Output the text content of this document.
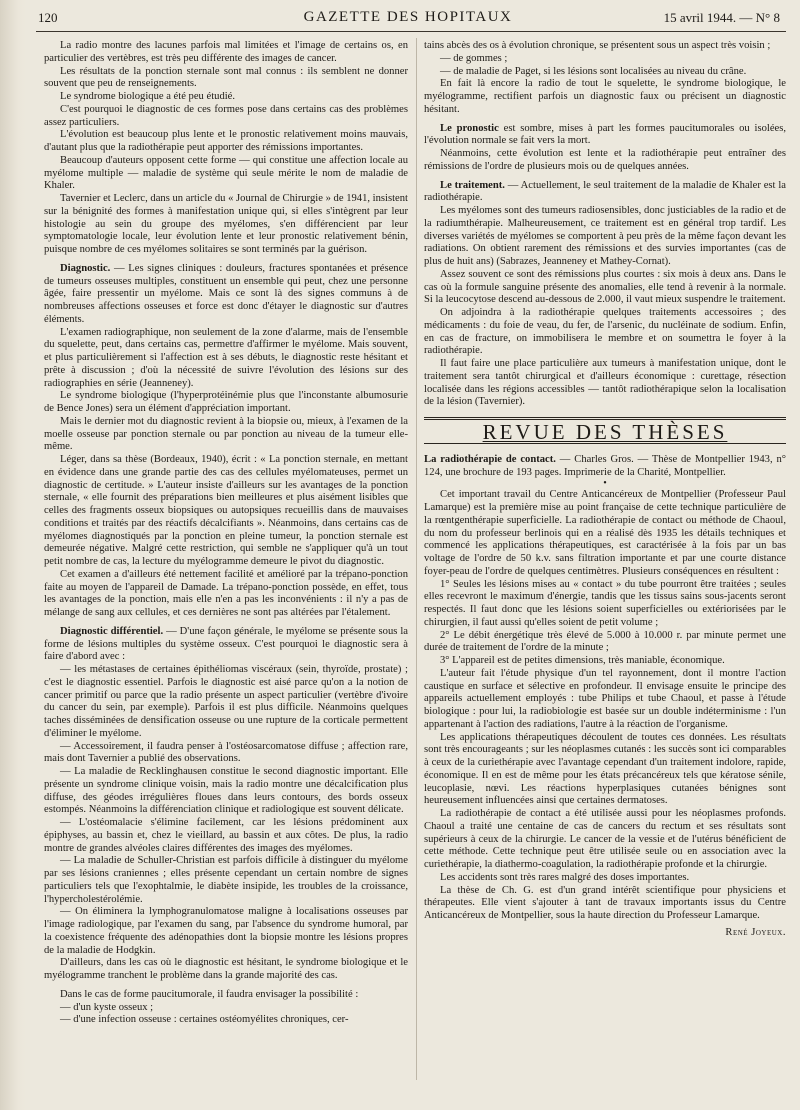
120	GAZETTE DES HOPITAUX	15 avril 1944. — N° 8

La radio montre des lacunes parfois mal limitées et l'image de certains os, en particulier des vertèbres, est très peu différente des images de cancer.

Les résultats de la ponction sternale sont mal connus : ils semblent ne donner souvent que peu de renseignements.

Le syndrome biologique a été peu étudié.

C'est pourquoi le diagnostic de ces formes pose dans certains cas des problèmes assez particuliers.

L'évolution est beaucoup plus lente et le pronostic relativement moins mauvais, d'autant plus que la radiothérapie peut apporter des rémissions importantes.

Beaucoup d'auteurs opposent cette forme — qui constitue une affection locale au myélome multiple — maladie de système qui seule mérite le nom de maladie de Khaler.

Tavernier et Leclerc, dans un article du « Journal de Chirurgie » de 1941, insistent sur la bénignité des formes à manifestation unique qui, si elles s'intègrent par leur histologie au sein du groupe des myélomes, s'en différencient par leur symptomatologie locale, leur évolution lente et leur pronostic relativement bénin, puisque nombre de ces myélomes solitaires se sont terminés par la guérison.

Diagnostic. — Les signes cliniques : douleurs, fractures spontanées et présence de tumeurs osseuses multiples, constituent un ensemble qui peut, chez une personne âgée, faire pressentir un myélome. Mais ce sont là des signes communs à de nombreuses affections osseuses et force est donc d'étayer le diagnostic sur d'autres éléments.

L'examen radiographique, non seulement de la zone d'alarme, mais de l'ensemble du squelette, peut, dans certains cas, permettre d'affirmer le myélome. Mais souvent, et plus particulièrement si l'affection est à ses débuts, le diagnostic reste hésitant et prête à discussion ; d'où la nécessité de suivre l'évolution des lésions sur des radiographies en série (Jeanneney).

Le syndrome biologique (l'hyperprotéinémie plus que l'inconstante albumosurie de Bence Jones) sera un élément d'appréciation important.

Mais le dernier mot du diagnostic revient à la biopsie ou, mieux, à l'examen de la moelle osseuse par ponction sternale ou par ponction au niveau de la tumeur elle-même.

Léger, dans sa thèse (Bordeaux, 1940), écrit : « La ponction sternale, en mettant en évidence dans une grande partie des cas des cellules myélomateuses, permet un diagnostic de certitude. » L'auteur insiste d'ailleurs sur les avantages de la ponction sternale, « elle fournit des préparations bien meilleures et plus aisément lisibles que celles des fragments osseux biopsiques ou autopsiques recueillis dans de mauvaises conditions et traités par des réactifs décalcifiants ». Néanmoins, dans certains cas de myélomes diagnostiqués par la ponction en pleine tumeur, la ponction sternale est demeurée négative. Malgré cette restriction, qui semble ne s'appliquer qu'à un tout petit nombre de cas, la lecture du myélogramme demeure le pivot du diagnostic.

Cet examen a d'ailleurs été nettement facilité et amélioré par la trépano-ponction faite au moyen de l'appareil de Damade. La trépano-ponction possède, en effet, tous les avantages de la ponction, mais elle n'en a pas les inconvénients : il n'y a pas de mélange de sang aux cellules, et ces dernières ne sont pas altérées par l'étalement.

Diagnostic différentiel. — D'une façon générale, le myélome se présente sous la forme de lésions multiples du système osseux. C'est pourquoi le diagnostic sera à faire d'abord avec :

— les métastases de certaines épithéliomas viscéraux (sein, thyroïde, prostate) ; c'est le diagnostic essentiel. Parfois le diagnostic est aisé parce qu'on a la notion de cancer primitif ou parce que la radio présente un aspect particulier (vertèbre d'ivoire du cancer du sein, par exemple). Parfois il est plus difficile. Néanmoins quelques taches disséminées de densification osseuse ou une rupture de la corticale permettent d'éliminer le myélome.

— Accessoirement, il faudra penser à l'ostéosarcomatose diffuse ; affection rare, mais dont Tavernier a publié des observations.

— La maladie de Recklinghausen constitue le second diagnostic important. Elle présente un syndrome clinique voisin, mais la radio montre une décalcification plus diffuse, des géodes irrégulières floues dans leurs contours, des bords osseux estompés. Néanmoins la différenciation clinique et radiologique est souvent délicate.

— L'ostéomalacie s'élimine facilement, car les lésions prédominent aux épiphyses, au bassin et, chez le vieillard, au bassin et aux côtes. De plus, la radio montre de grandes alvéoles claires différentes des images des myélomes.

— La maladie de Schuller-Christian est parfois difficile à distinguer du myélome par ses lésions craniennes ; elles présente cependant un certain nombre de signes particuliers tels que l'exophtalmie, le diabète insipide, les troubles de la croissance, l'hypercholestérolémie.

— On éliminera la lymphogranulomatose maligne à localisations osseuses par l'image radiologique, par l'examen du sang, par l'absence du syndrome humoral, par la coexistence fréquente des adénopathies dont la biopsie montre les lésions propres de la maladie de Hodgkin.

D'ailleurs, dans les cas où le diagnostic est hésitant, le syndrome biologique et le myélogramme tranchent le problème dans la grande majorité des cas.

Dans le cas de forme paucitumorale, il faudra envisager la possibilité :

— d'un kyste osseux ;

— d'une infection osseuse : certaines ostéomyélites chroniques, cer-

tains abcès des os à évolution chronique, se présentent sous un aspect très voisin ;

— de gommes ;

— de maladie de Paget, si les lésions sont localisées au niveau du crâne.

En fait là encore la radio de tout le squelette, le syndrome biologique, le myélogramme, rectifient parfois un diagnostic faux ou précisent un diagnostic hésitant.

Le pronostic est sombre, mises à part les formes paucitumorales ou isolées, l'évolution normale se fait vers la mort.

Néanmoins, cette évolution est lente et la radiothérapie peut entraîner des rémissions de l'ordre de plusieurs mois ou de quelques années.

Le traitement. — Actuellement, le seul traitement de la maladie de Khaler est la radiothérapie.

Les myélomes sont des tumeurs radiosensibles, donc justiciables de la radio et de la radiumthérapie. Malheureusement, ce traitement est en général trop tardif. Les diverses variétés de myélomes se comportent à peu près de la même façon devant les radiations. On obtient rarement des rémissions et des survies importantes (cas de plus de huit ans) (Sabrazes, Jeanneney et Mathey-Cornat).

Assez souvent ce sont des rémissions plus courtes : six mois à deux ans. Dans le cas où la formule sanguine présente des anomalies, elle tend à revenir à la normale. Si la leucocytose descend au-dessous de 2.000, il vaut mieux suspendre le traitement.

On adjoindra à la radiothérapie quelques traitements accessoires ; des médicaments : du foie de veau, du fer, de l'arsenic, du nucléinate de sodium. Enfin, en cas de fracture, on immobilisera le membre et on soumettra le foyer à la radiothérapie.

Il faut faire une place particulière aux tumeurs à manifestation unique, dont le traitement sera tantôt chirurgical et d'ailleurs économique : curettage, résection localisée dans les régions accessibles — tantôt radiothérapique selon la localisation de la lésion (Tavernier).

REVUE DES THÈSES

La radiothérapie de contact. — Charles Gros. — Thèse de Montpellier 1943, n° 124, une brochure de 193 pages. Imprimerie de la Charité, Montpellier.

•

Cet important travail du Centre Anticancéreux de Montpellier (Professeur Paul Lamarque) est la première mise au point française de cette technique particulière de la rœntgenthérapie superficielle. La radiothérapie de contact ou méthode de Chaoul, du nom du professeur berlinois qui en a réalisé dès 1935 les détails techniques et commencé les applications thérapeutiques, est caractérisée à la fois par un bas voltage de l'ordre de 50 k.v. sans filtration importante et par une courte distance foyer-peau de l'ordre de quelques centimètres. Plusieurs conséquences en résultent :

1° Seules les lésions mises au « contact » du tube pourront être traitées ; seules elles recevront le maximum d'énergie, tandis que les tissus sains sous-jacents seront respectés. Il faut donc que les lésions soient superficielles ou extériorisées par le chirurgien, il faut aussi qu'elles soient de petit volume ;

2° Le débit énergétique très élevé de 5.000 à 10.000 r. par minute permet une durée de traitement de l'ordre de la minute ;

3° L'appareil est de petites dimensions, très maniable, économique.

L'auteur fait l'étude physique d'un tel rayonnement, dont il montre l'action caustique en surface et sélective en profondeur. Il envisage ensuite le principe des appareils actuellement employés : tube Philips et tube Chaoul, et passe à l'étude biologique : pour lui, la radiobiologie est basée sur un double indéterminisme : l'un appartenant à l'action des radiations, l'autre à la réaction de l'organisme.

Les applications thérapeutiques découlent de toutes ces données. Les résultats sont très encourageants ; sur les néoplasmes cutanés : les succès sont ici comparables à ceux de la curiethérapie avec l'avantage cependant d'un traitement indolore, rapide, économique. Il en est de même pour les états précancéreux tels que kératose sénile, leucoplasie, nœvi. Les réactions hyperplasiques cutanées bénignes sont heureusement influencées ainsi que certaines dermatoses.

La radiothérapie de contact a été utilisée aussi pour les néoplasmes profonds. Chaoul a traité une centaine de cas de cancers du rectum et ses résultats sont supérieurs à ceux de la chirurgie. Le cancer de la vessie et de l'utérus bénéficient de cette méthode. Cette technique peut être utilisée seule ou en association avec la curiethérapie, la diathermo-coagulation, la radiothérapie profonde et la chirurgie.

Les accidents sont très rares malgré des doses importantes.

La thèse de Ch. G. est d'un grand intérêt scientifique pour physiciens et thérapeutes. Elle vient s'ajouter à tant de travaux importants issus du Centre Anticancéreux de Montpellier, sous la haute direction du Professeur Lamarque.

René Joyeux.
